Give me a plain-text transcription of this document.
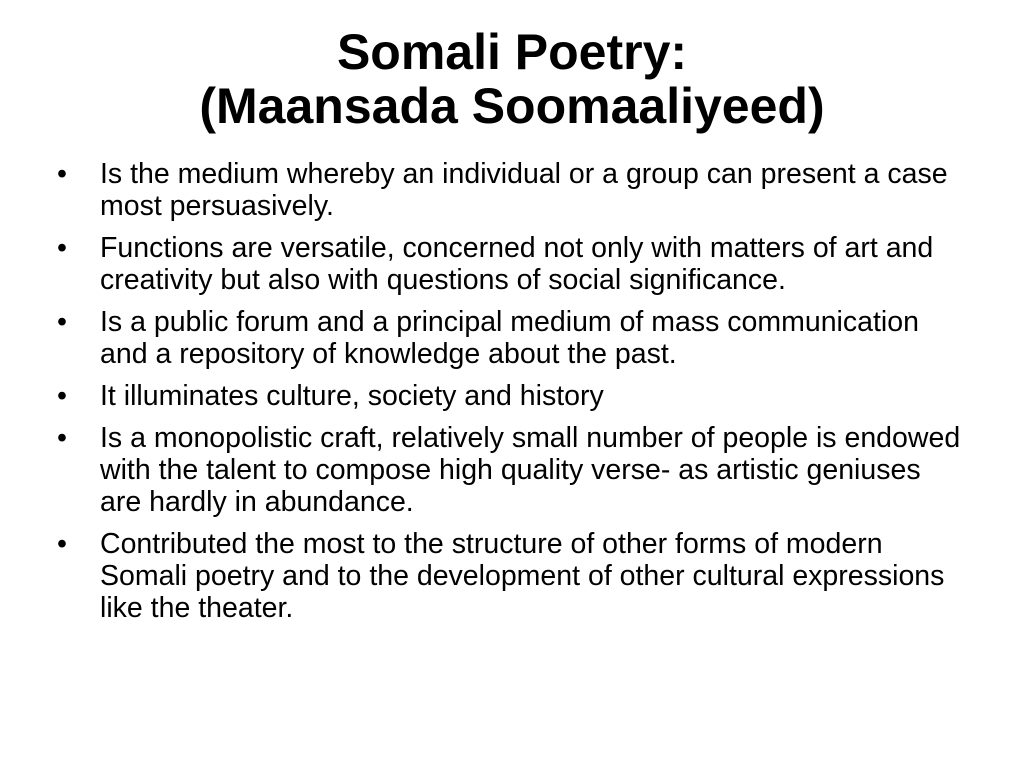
Somali Poetry:
(Maansada Soomaaliyeed)
• Is the medium whereby an individual or a group can present a case most persuasively.
• Functions are versatile, concerned not only with matters of art and creativity but also with questions of social significance.
• Is a public forum and a principal medium of mass communication and a repository of knowledge about the past.
• It illuminates culture, society and history
• Is a monopolistic craft, relatively small number of people is endowed with the talent to compose high quality verse- as artistic geniuses are hardly in abundance.
• Contributed the most to the structure of other forms of modern Somali poetry and to the development of other cultural expressions like the theater.
